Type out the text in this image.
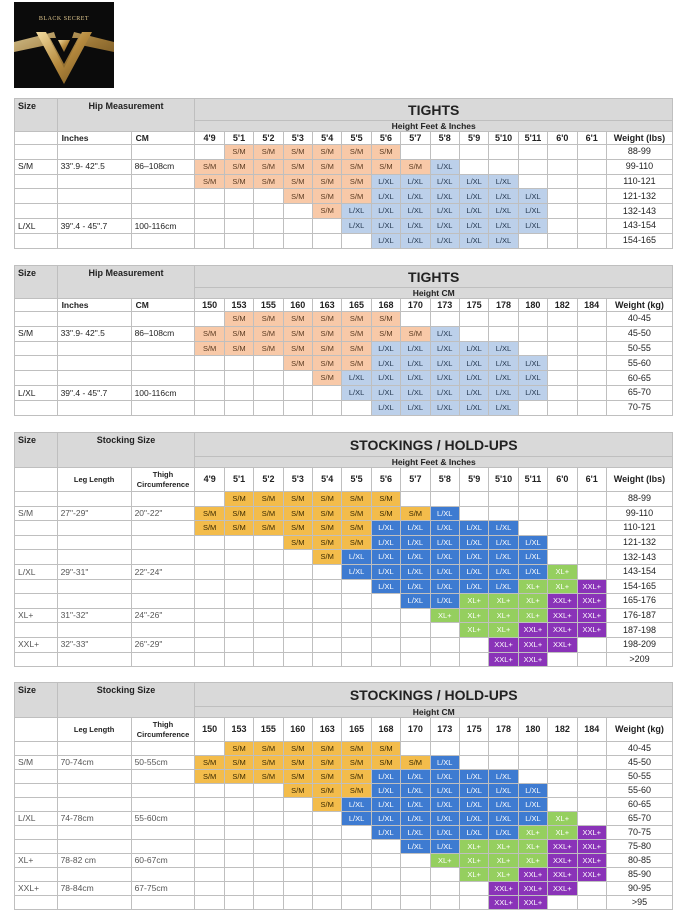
BLACK SECRET
Size	Hip Measurement		TIGHTS														
			Height Feet & Inches														
	Inches	CM	4'9	5'1	5'2	5'3	5'4	5'5	5'6	5'7	5'8	5'9	5'10	5'11	6'0	6'1	Weight (lbs)
				S/M	S/M	S/M	S/M	S/M	S/M								88-99
S/M	33".9- 42".5	86–108cm	S/M	S/M	S/M	S/M	S/M	S/M	S/M	S/M	L/XL						99-110
			S/M	S/M	S/M	S/M	S/M	S/M	L/XL	L/XL	L/XL	L/XL	L/XL				110-121
						S/M	S/M	S/M	L/XL	L/XL	L/XL	L/XL	L/XL	L/XL			121-132
							S/M	L/XL	L/XL	L/XL	L/XL	L/XL	L/XL	L/XL			132-143
L/XL	39".4 - 45".7	100-116cm						L/XL	L/XL	L/XL	L/XL	L/XL	L/XL	L/XL			143-154
									L/XL	L/XL	L/XL	L/XL	L/XL				154-165
Size	Hip Measurement		TIGHTS														
			Height CM														
	Inches	CM	150	153	155	160	163	165	168	170	173	175	178	180	182	184	Weight (kg)
				S/M	S/M	S/M	S/M	S/M	S/M								40-45
S/M	33".9- 42".5	86–108cm	S/M	S/M	S/M	S/M	S/M	S/M	S/M	S/M	L/XL						45-50
			S/M	S/M	S/M	S/M	S/M	S/M	L/XL	L/XL	L/XL	L/XL	L/XL				50-55
						S/M	S/M	S/M	L/XL	L/XL	L/XL	L/XL	L/XL	L/XL			55-60
							S/M	L/XL	L/XL	L/XL	L/XL	L/XL	L/XL	L/XL			60-65
L/XL	39".4 - 45".7	100-116cm						L/XL	L/XL	L/XL	L/XL	L/XL	L/XL	L/XL			65-70
									L/XL	L/XL	L/XL	L/XL	L/XL				70-75
Size	Stocking Size		STOCKINGS / HOLD-UPS														
			Height Feet & Inches														
	Leg Length	Thigh Circumference	4'9	5'1	5'2	5'3	5'4	5'5	5'6	5'7	5'8	5'9	5'10	5'11	6'0	6'1	Weight (lbs)
				S/M	S/M	S/M	S/M	S/M	S/M								88-99
S/M	27"-29"	20"-22"	S/M	S/M	S/M	S/M	S/M	S/M	S/M	S/M	L/XL						99-110
			S/M	S/M	S/M	S/M	S/M	S/M	L/XL	L/XL	L/XL	L/XL	L/XL				110-121
						S/M	S/M	S/M	L/XL	L/XL	L/XL	L/XL	L/XL	L/XL			121-132
							S/M	L/XL	L/XL	L/XL	L/XL	L/XL	L/XL	L/XL			132-143
L/XL	29"-31"	22"-24"						L/XL	L/XL	L/XL	L/XL	L/XL	L/XL	L/XL	XL+		143-154
									L/XL	L/XL	L/XL	L/XL	L/XL	XL+	XL+	XXL+	154-165
										L/XL	L/XL	XL+	XL+	XL+	XXL+	XXL+	165-176
XL+	31"-32"	24"-26"									XL+	XL+	XL+	XL+	XXL+	XXL+	176-187
												XL+	XL+	XXL+	XXL+	XXL+	187-198
XXL+	32"-33"	26"-29"											XXL+	XXL+	XXL+		198-209
													XXL+	XXL+			>209
Size	Stocking Size		STOCKINGS / HOLD-UPS														
			Height CM														
	Leg Length	Thigh Circumference	150	153	155	160	163	165	168	170	173	175	178	180	182	184	Weight (kg)
				S/M	S/M	S/M	S/M	S/M	S/M								40-45
S/M	70-74cm	50-55cm	S/M	S/M	S/M	S/M	S/M	S/M	S/M	S/M	L/XL						45-50
			S/M	S/M	S/M	S/M	S/M	S/M	L/XL	L/XL	L/XL	L/XL	L/XL				50-55
						S/M	S/M	S/M	L/XL	L/XL	L/XL	L/XL	L/XL	L/XL			55-60
							S/M	L/XL	L/XL	L/XL	L/XL	L/XL	L/XL	L/XL			60-65
L/XL	74-78cm	55-60cm						L/XL	L/XL	L/XL	L/XL	L/XL	L/XL	L/XL	XL+		65-70
									L/XL	L/XL	L/XL	L/XL	L/XL	XL+	XL+	XXL+	70-75
										L/XL	L/XL	XL+	XL+	XL+	XXL+	XXL+	75-80
XL+	78-82 cm	60-67cm									XL+	XL+	XL+	XL+	XXL+	XXL+	80-85
												XL+	XL+	XXL+	XXL+	XXL+	85-90
XXL+	78-84cm	67-75cm											XXL+	XXL+	XXL+		90-95
													XXL+	XXL+			>95
